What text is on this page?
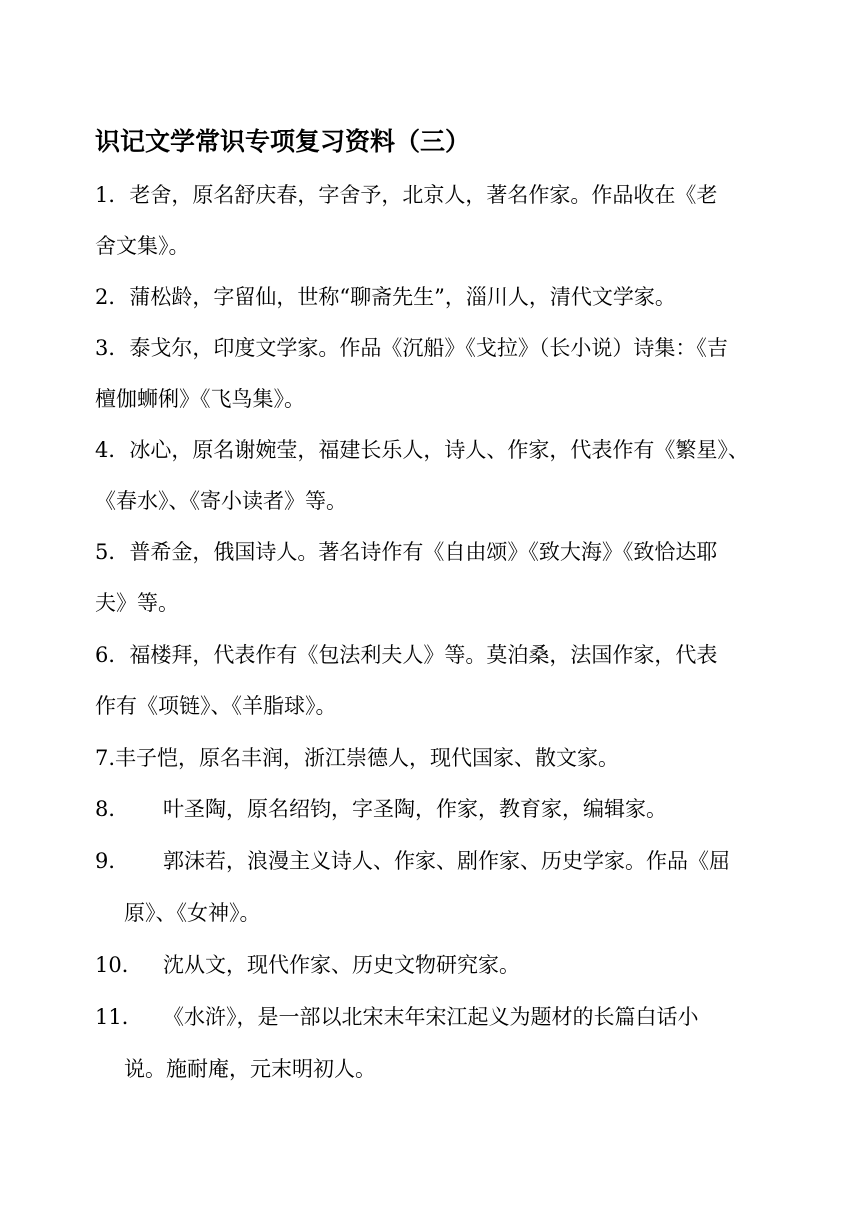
识记文学常识专项复习资料（三）
1．老舍，原名舒庆春，字舍予，北京人，著名作家。作品收在《老
舍文集》。
2．蒲松龄，字留仙，世称“聊斋先生”，淄川人，清代文学家。
3．泰戈尔，印度文学家。作品《沉船》《戈拉》（长小说）诗集：《吉
檀伽蛳俐》《飞鸟集》。
4．冰心，原名谢婉莹，福建长乐人，诗人、作家，代表作有《繁星》、
《春水》、《寄小读者》等。
5．普希金，俄国诗人。著名诗作有《自由颂》《致大海》《致恰达耶
夫》等。
6．福楼拜，代表作有《包法利夫人》等。莫泊桑，法国作家，代表
作有《项链》、《羊脂球》。
7.丰子恺，原名丰润，浙江崇德人，现代国家、散文家。
8． 叶圣陶，原名绍钧，字圣陶，作家，教育家，编辑家。
9． 郭沫若，浪漫主义诗人、作家、剧作家、历史学家。作品《屈
原》、《女神》。
10． 沈从文，现代作家、历史文物研究家。
11． 《水浒》，是一部以北宋末年宋江起义为题材的长篇白话小
说。施耐庵，元末明初人。
